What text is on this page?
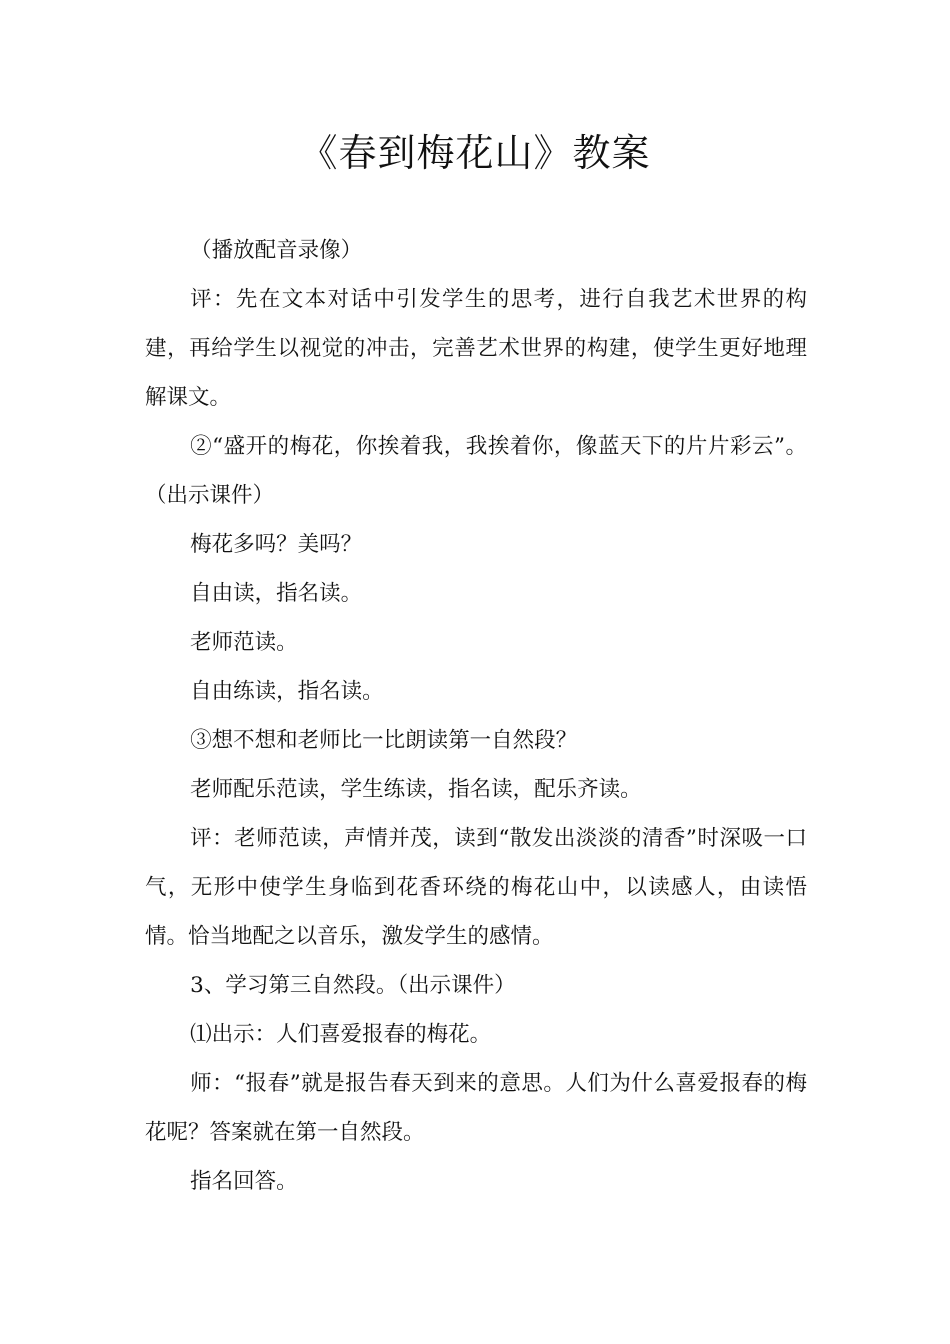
《春到梅花山》教案

（播放配音录像）

评：先在文本对话中引发学生的思考，进行自我艺术世界的构建，再给学生以视觉的冲击，完善艺术世界的构建，使学生更好地理解课文。

②“盛开的梅花，你挨着我，我挨着你，像蓝天下的片片彩云”。（出示课件）

梅花多吗？美吗？

自由读，指名读。

老师范读。

自由练读，指名读。

③想不想和老师比一比朗读第一自然段？

老师配乐范读，学生练读，指名读，配乐齐读。

评：老师范读，声情并茂，读到“散发出淡淡的清香”时深吸一口气，无形中使学生身临到花香环绕的梅花山中，以读感人，由读悟情。恰当地配之以音乐，激发学生的感情。

3、学习第三自然段。（出示课件）

⑴出示：人们喜爱报春的梅花。

师：“报春”就是报告春天到来的意思。人们为什么喜爱报春的梅花呢？答案就在第一自然段。

指名回答。
